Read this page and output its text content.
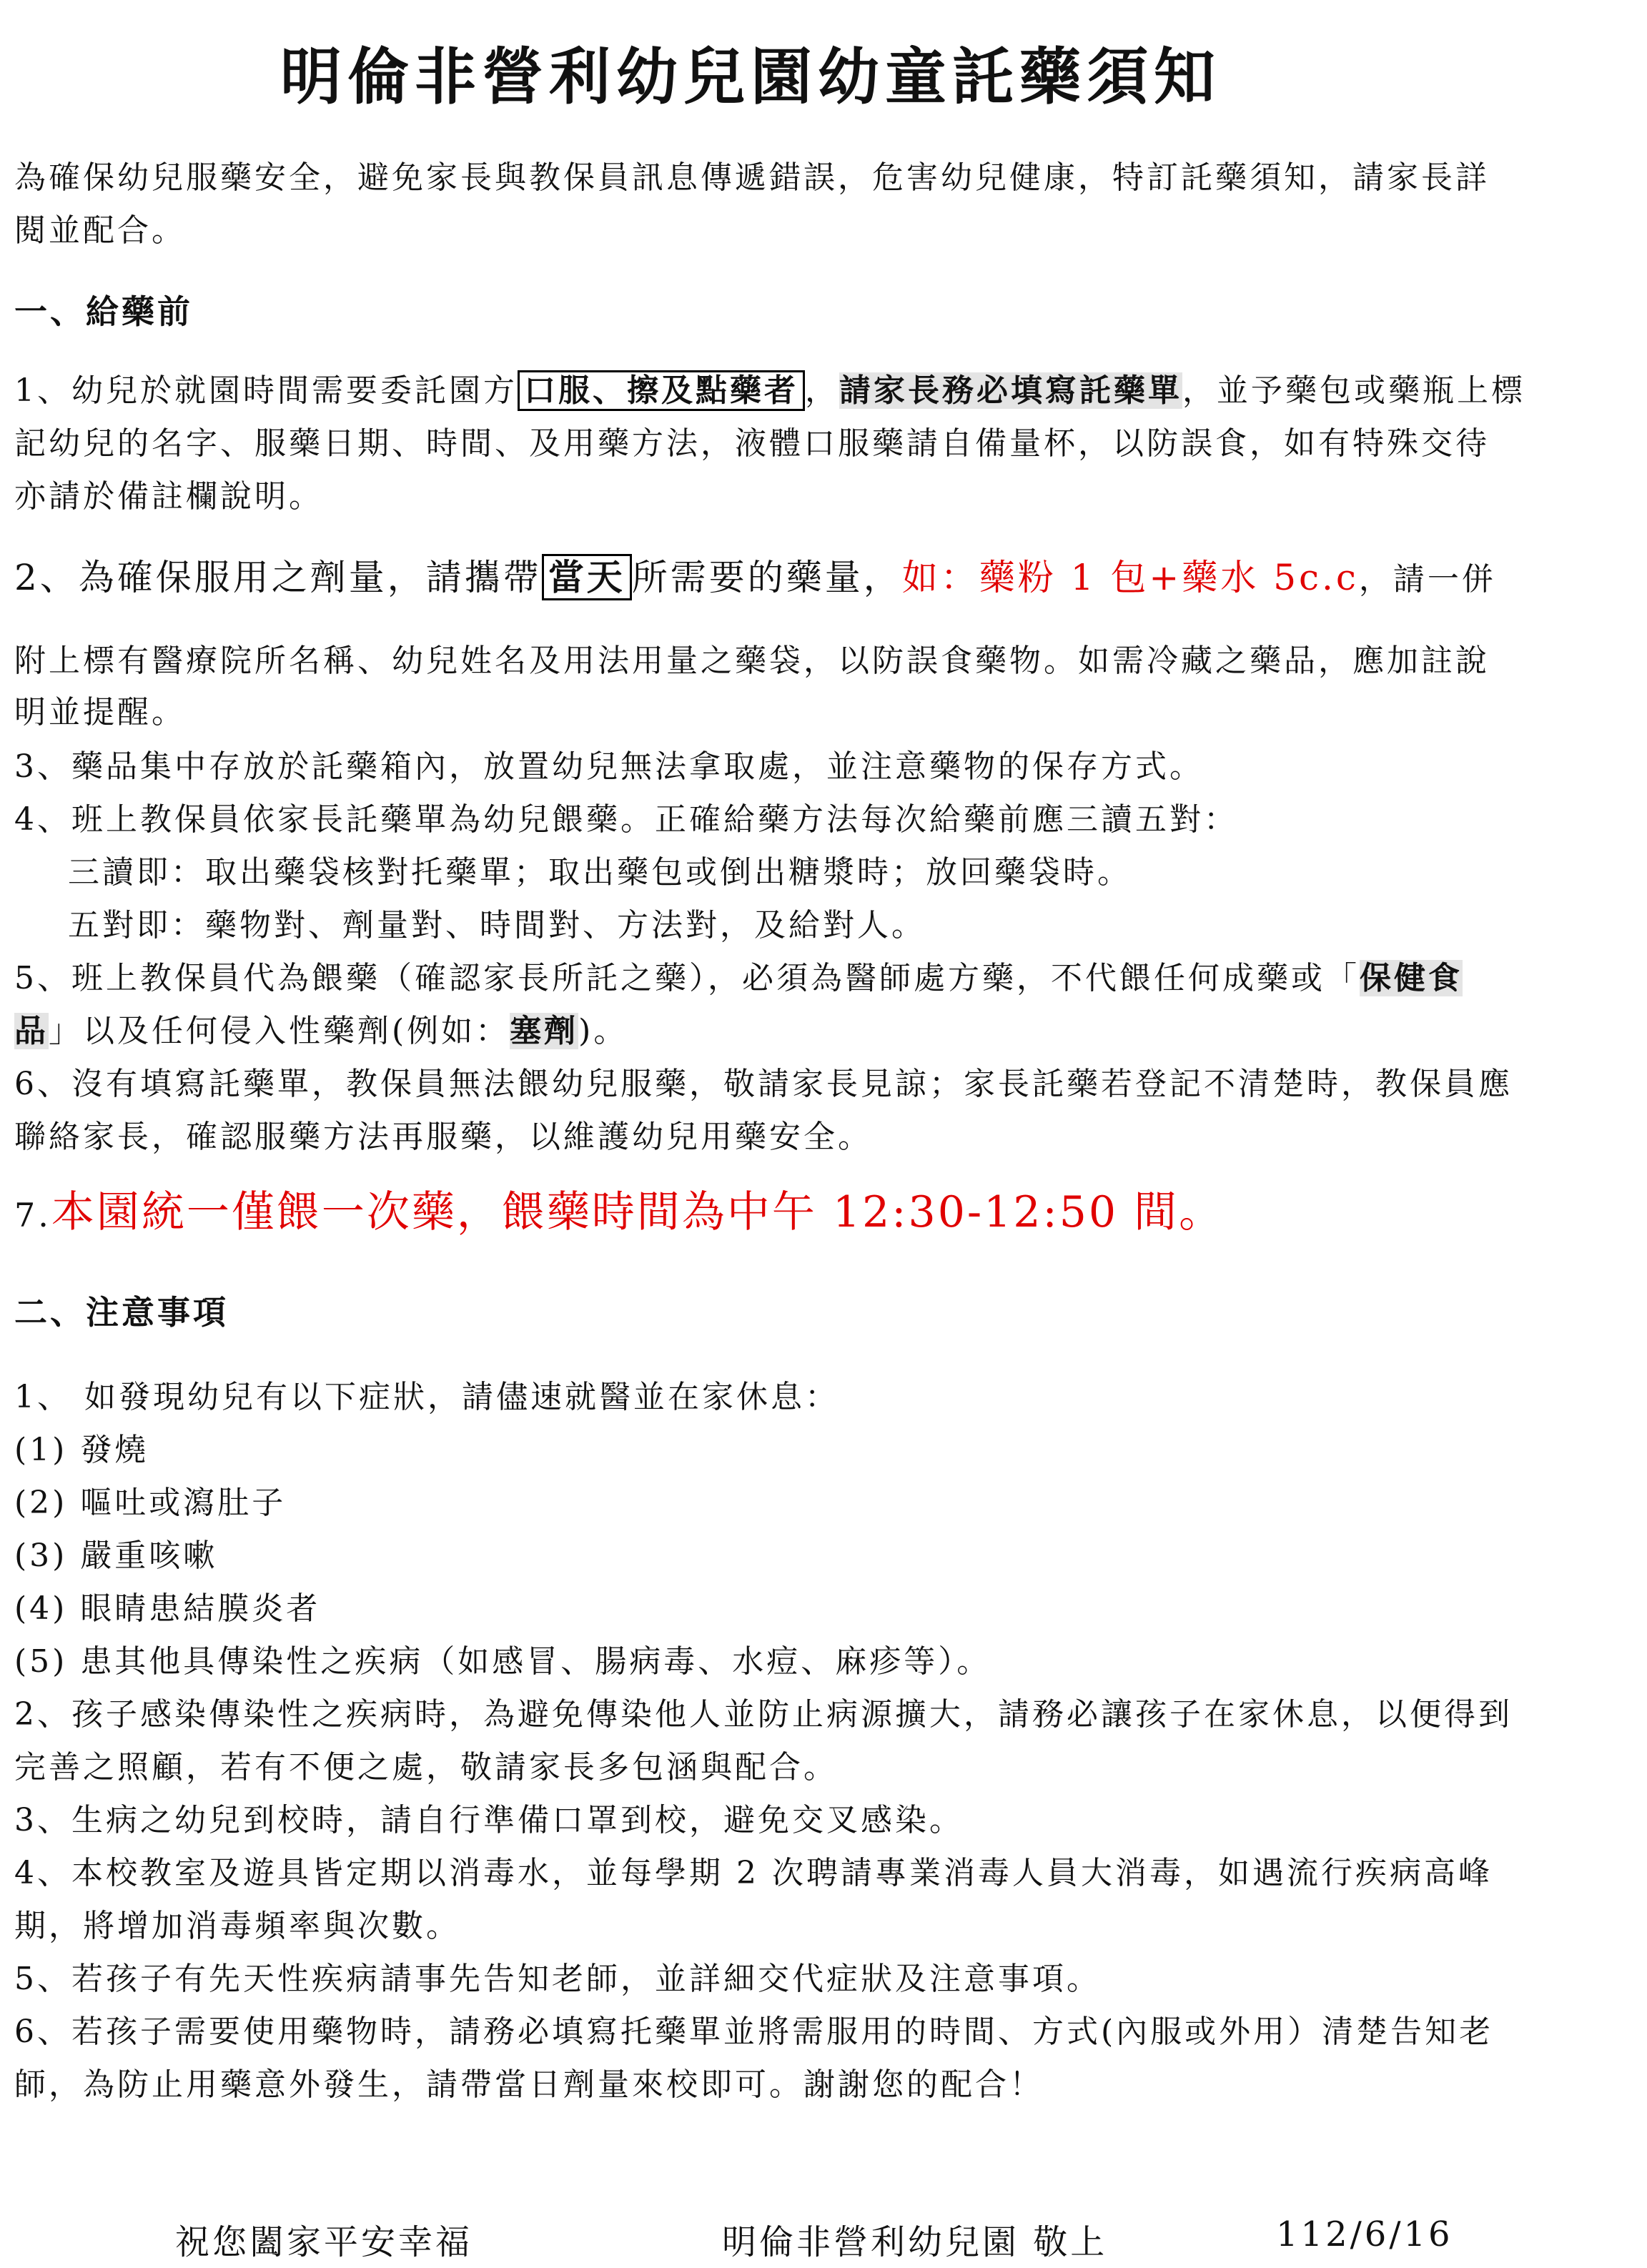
明倫非營利幼兒園幼童託藥須知
為確保幼兒服藥安全，避免家長與教保員訊息傳遞錯誤，危害幼兒健康，特訂託藥須知，請家長詳
閱並配合。
一、給藥前
1、幼兒於就園時間需要委託園方 口服、擦及點藥者 ，請家長務必填寫託藥單，並予藥包或藥瓶上標
記幼兒的名字、服藥日期、時間、及用藥方法，液體口服藥請自備量杯，以防誤食，如有特殊交待
亦請於備註欄說明。
2、為確保服用之劑量，請攜帶 當天 所需要的藥量，如：藥粉 1 包+藥水 5c.c，請一併
附上標有醫療院所名稱、幼兒姓名及用法用量之藥袋，以防誤食藥物。如需冷藏之藥品，應加註說
明並提醒。
3、藥品集中存放於託藥箱內，放置幼兒無法拿取處，並注意藥物的保存方式。
4、班上教保員依家長託藥單為幼兒餵藥。正確給藥方法每次給藥前應三讀五對：
三讀即：取出藥袋核對托藥單；取出藥包或倒出糖漿時；放回藥袋時。
五對即：藥物對、劑量對、時間對、方法對，及給對人。
5、班上教保員代為餵藥（確認家長所託之藥），必須為醫師處方藥，不代餵任何成藥或「保健食
品」以及任何侵入性藥劑(例如：塞劑)。
6、沒有填寫託藥單，教保員無法餵幼兒服藥，敬請家長見諒；家長託藥若登記不清楚時，教保員應
聯絡家長，確認服藥方法再服藥，以維護幼兒用藥安全。
7.本園統一僅餵一次藥，餵藥時間為中午 12:30-12:50 間。
二、注意事項
1、 如發現幼兒有以下症狀，請儘速就醫並在家休息：
(1) 發燒
(2) 嘔吐或瀉肚子
(3) 嚴重咳嗽
(4) 眼睛患結膜炎者
(5) 患其他具傳染性之疾病（如感冒、腸病毒、水痘、麻疹等）。
2、孩子感染傳染性之疾病時，為避免傳染他人並防止病源擴大，請務必讓孩子在家休息，以便得到
完善之照顧，若有不便之處，敬請家長多包涵與配合。
3、生病之幼兒到校時，請自行準備口罩到校，避免交叉感染。
4、本校教室及遊具皆定期以消毒水，並每學期 2 次聘請專業消毒人員大消毒，如遇流行疾病高峰
期，將增加消毒頻率與次數。
5、若孩子有先天性疾病請事先告知老師，並詳細交代症狀及注意事項。
6、若孩子需要使用藥物時，請務必填寫托藥單並將需服用的時間、方式(內服或外用）清楚告知老
師，為防止用藥意外發生，請帶當日劑量來校即可。謝謝您的配合！
祝您闔家平安幸福	明倫非營利幼兒園 敬上	112/6/16
